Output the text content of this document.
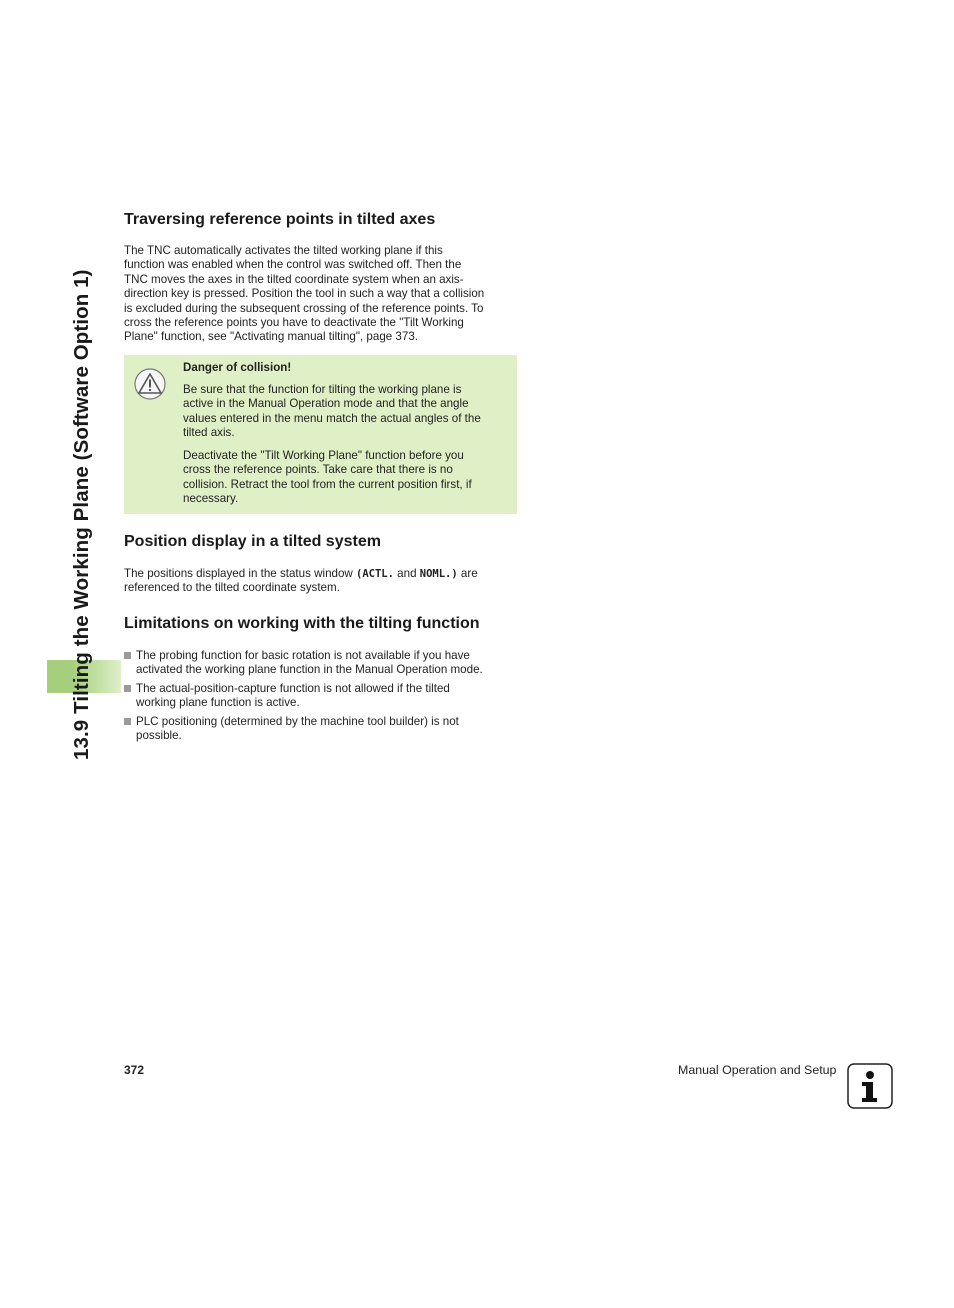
13.9 Tilting the Working Plane (Software Option 1)
Traversing reference points in tilted axes

The TNC automatically activates the tilted working plane if this
function was enabled when the control was switched off. Then the
TNC moves the axes in the tilted coordinate system when an axis-
direction key is pressed. Position the tool in such a way that a collision
is excluded during the subsequent crossing of the reference points. To
cross the reference points you have to deactivate the "Tilt Working
Plane" function, see "Activating manual tilting", page 373.

Danger of collision!

Be sure that the function for tilting the working plane is
active in the Manual Operation mode and that the angle
values entered in the menu match the actual angles of the
tilted axis.

Deactivate the "Tilt Working Plane" function before you
cross the reference points. Take care that there is no
collision. Retract the tool from the current position first, if
necessary.

Position display in a tilted system

The positions displayed in the status window (ACTL. and NOML.) are
referenced to the tilted coordinate system.

Limitations on working with the tilting function
The probing function for basic rotation is not available if you have
activated the working plane function in the Manual Operation mode.
The actual-position-capture function is not allowed if the tilted
working plane function is active.
PLC positioning (determined by the machine tool builder) is not
possible.
372	Manual Operation and Setup
